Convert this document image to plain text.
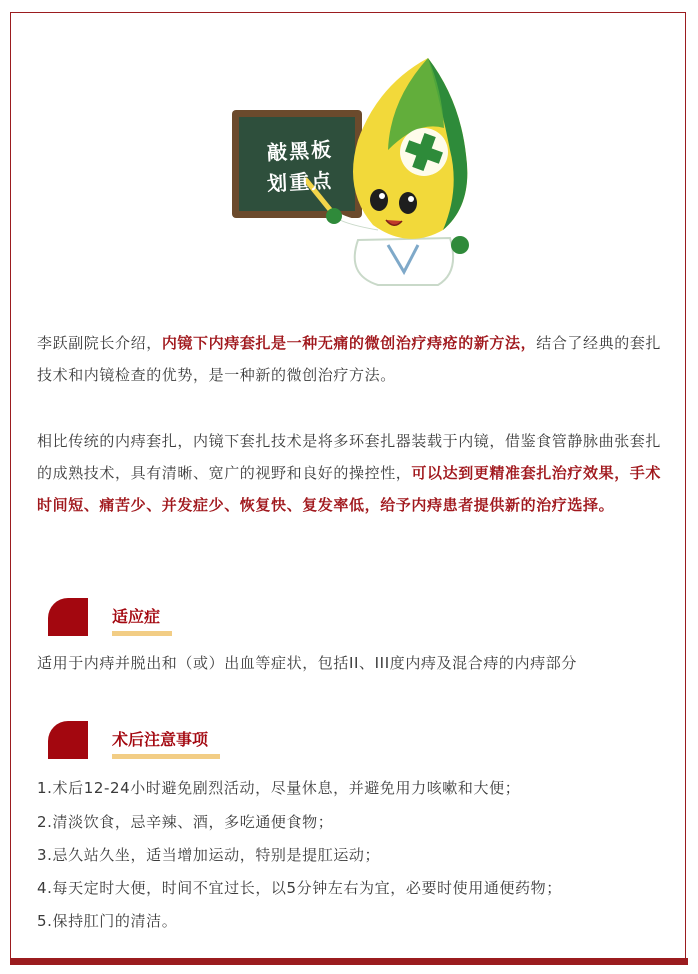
敲黑板
划重点

李跃副院长介绍，内镜下内痔套扎是一种无痛的微创治疗痔疮的新方法，结合了经典的套扎技术和内镜检查的优势，是一种新的微创治疗方法。

相比传统的内痔套扎，内镜下套扎技术是将多环套扎器装载于内镜，借鉴食管静脉曲张套扎的成熟技术，具有清晰、宽广的视野和良好的操控性，可以达到更精准套扎治疗效果，手术时间短、痛苦少、并发症少、恢复快、复发率低，给予内痔患者提供新的治疗选择。

适应症
适用于内痔并脱出和（或）出血等症状，包括II、III度内痔及混合痔的内痔部分
术后注意事项
1.术后12-24小时避免剧烈活动，尽量休息，并避免用力咳嗽和大便；
2.清淡饮食，忌辛辣、酒，多吃通便食物；
3.忌久站久坐，适当增加运动，特别是提肛运动；
4.每天定时大便，时间不宜过长，以5分钟左右为宜，必要时使用通便药物；
5.保持肛门的清洁。
